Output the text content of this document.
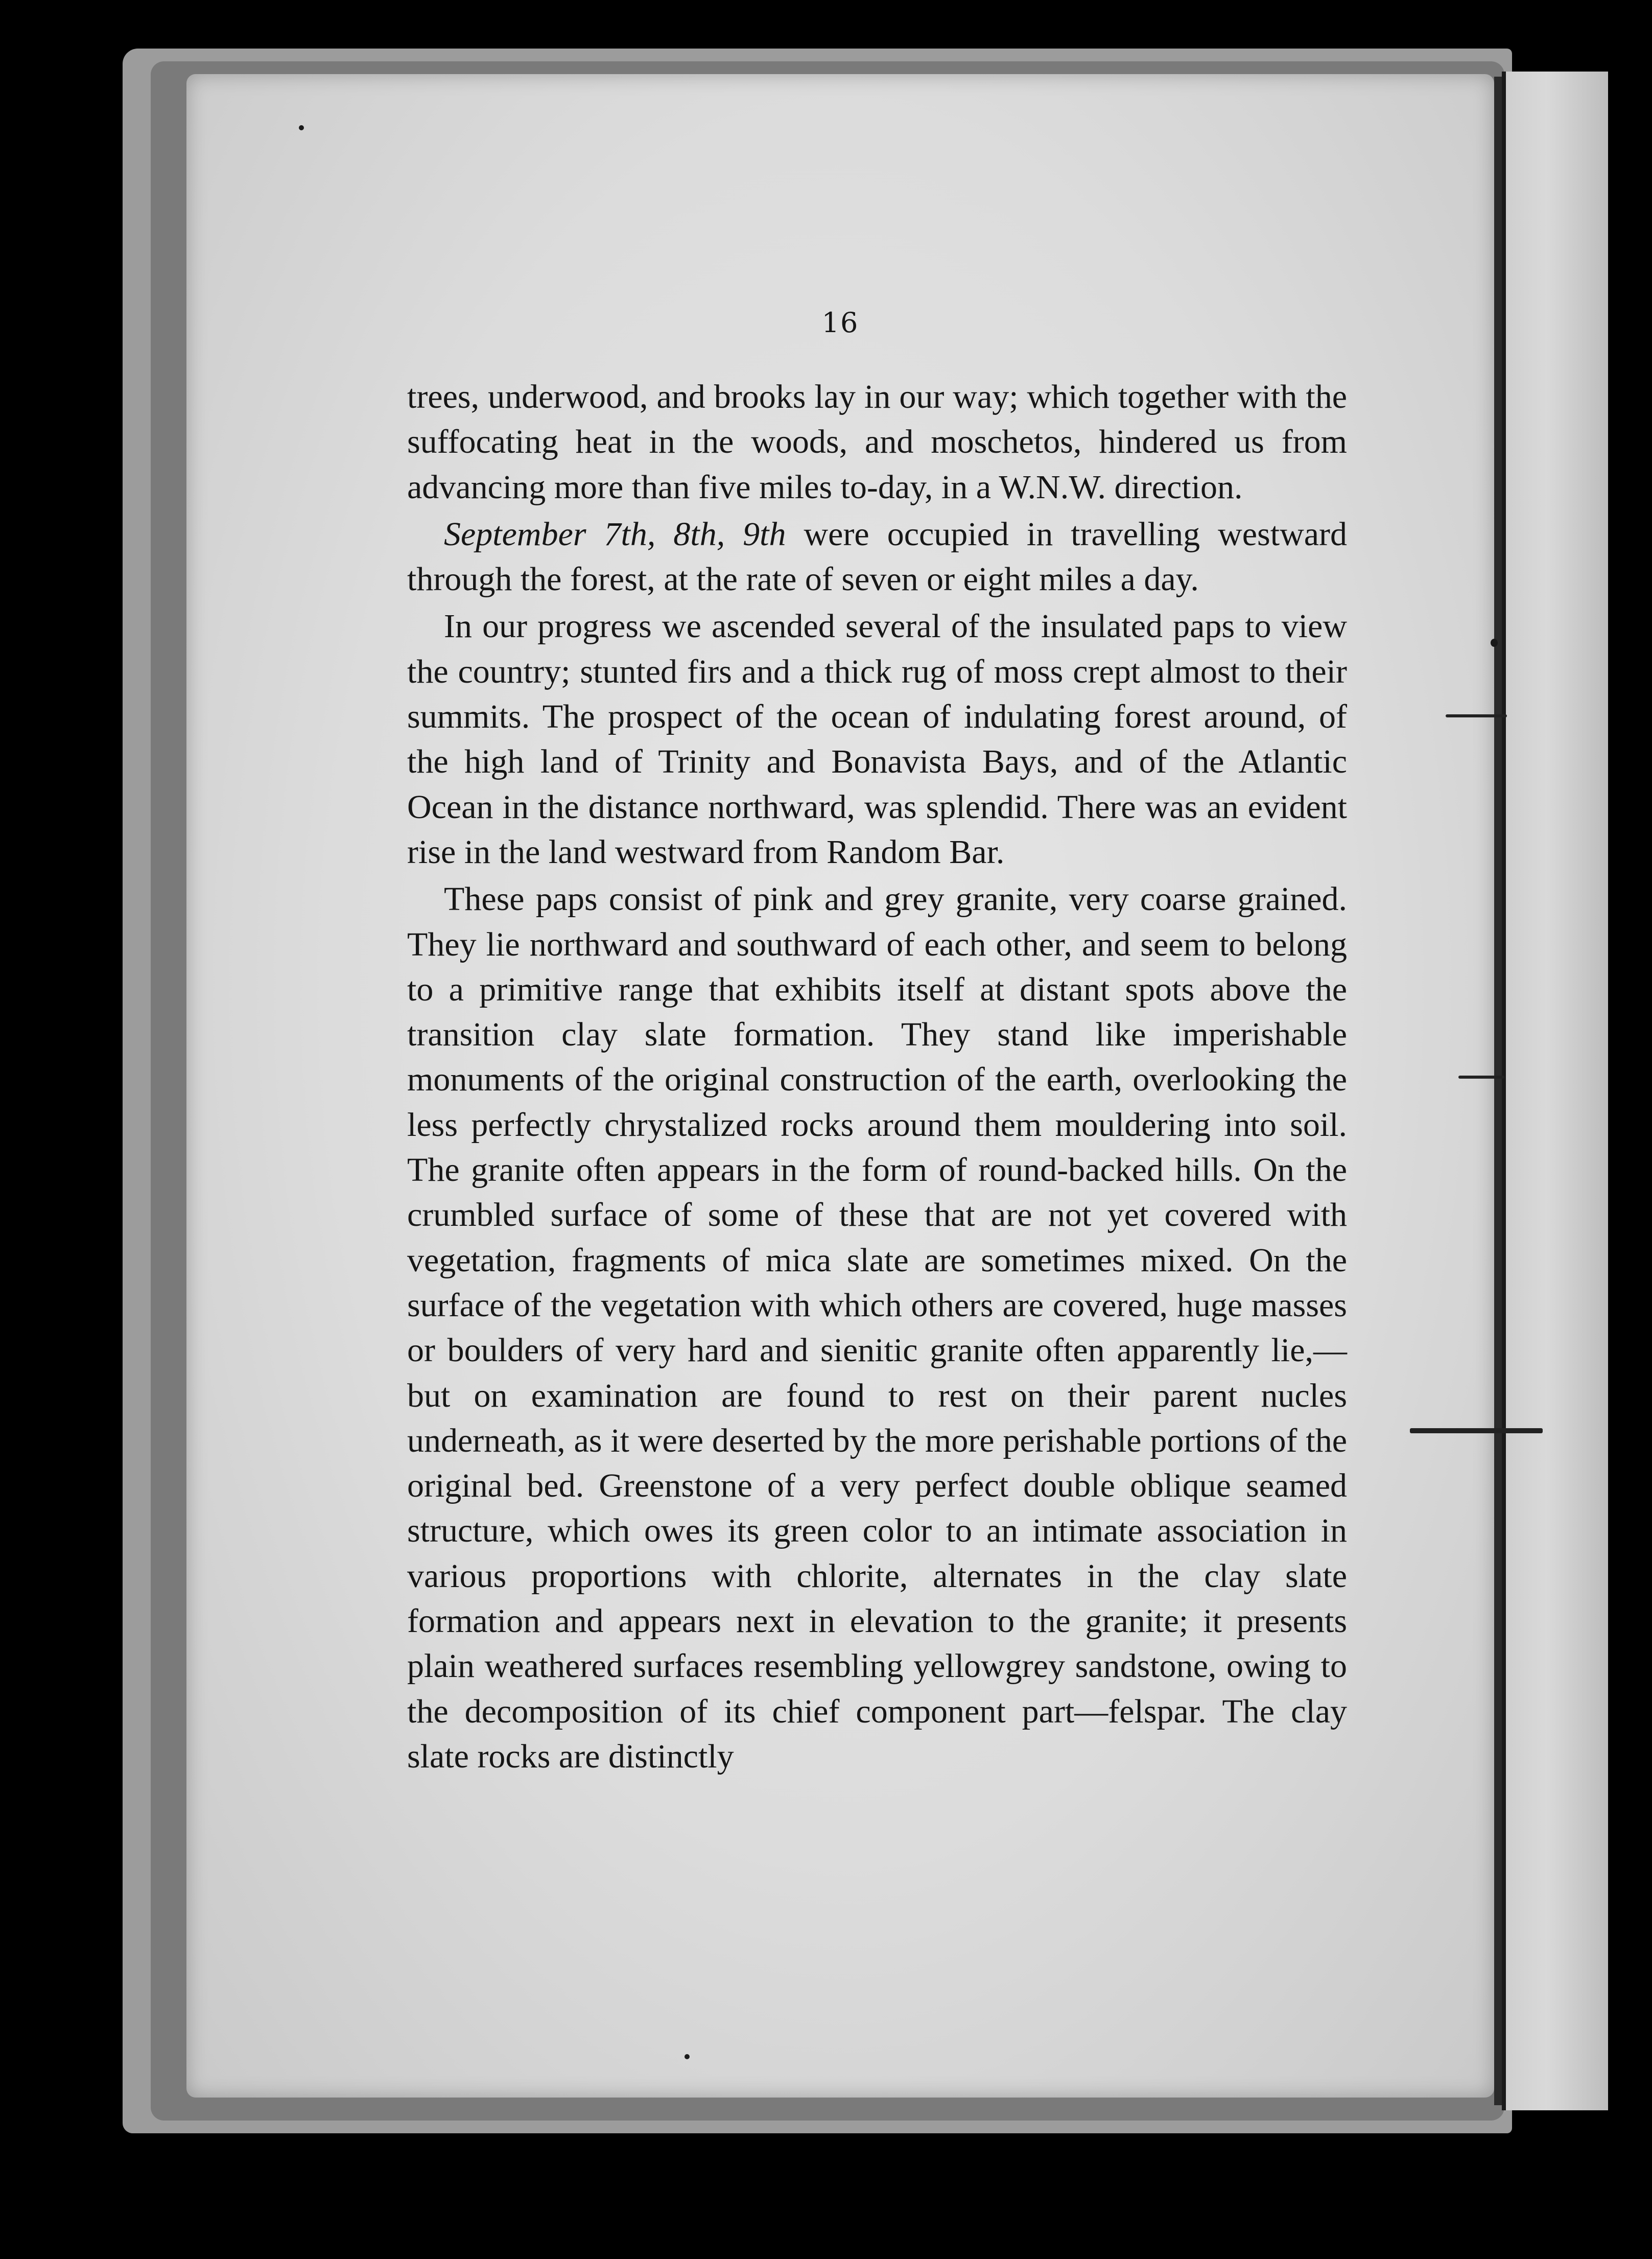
16

trees, underwood, and brooks lay in our way; which together with the suffocating heat in the woods, and moschetos, hindered us from advancing more than five miles to-day, in a W.N.W. direction.

September 7th, 8th, 9th were occupied in travelling westward through the forest, at the rate of seven or eight miles a day.

In our progress we ascended several of the insulated paps to view the country; stunted firs and a thick rug of moss crept almost to their summits. The prospect of the ocean of indulating forest around, of the high land of Trinity and Bonavista Bays, and of the Atlantic Ocean in the distance northward, was splendid. There was an evident rise in the land westward from Random Bar.

These paps consist of pink and grey granite, very coarse grained. They lie northward and southward of each other, and seem to belong to a primitive range that exhibits itself at distant spots above the transition clay slate formation. They stand like imperishable monuments of the original construction of the earth, overlooking the less perfectly chrystalized rocks around them mouldering into soil. The granite often appears in the form of round-backed hills. On the crumbled surface of some of these that are not yet covered with vegetation, fragments of mica slate are sometimes mixed. On the surface of the vegetation with which others are covered, huge masses or boulders of very hard and sienitic granite often apparently lie,—but on examination are found to rest on their parent nucles underneath, as it were deserted by the more perishable portions of the original bed. Greenstone of a very perfect double oblique seamed structure, which owes its green color to an intimate association in various proportions with chlorite, alternates in the clay slate formation and appears next in elevation to the granite; it presents plain weathered surfaces resembling yellowgrey sandstone, owing to the decomposition of its chief component part—felspar. The clay slate rocks are distinctly
